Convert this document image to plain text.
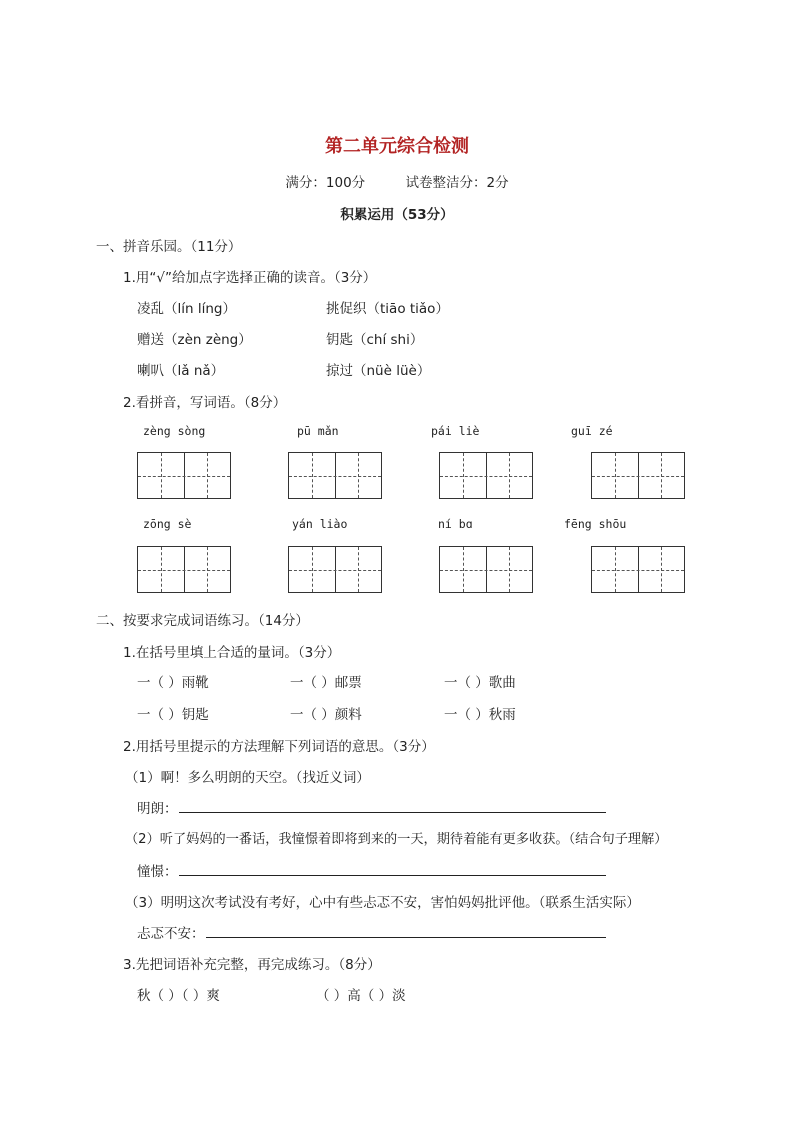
第二单元综合检测
满分：100分	试卷整洁分：2分
积累运用（53分）
一、拼音乐园。（11分）
1.用“√”给加点字选择正确的读音。（3分）
凌乱（lín líng）	挑促织（tiāo tiǎo）
赠送（zèn zèng）	钥匙（chí shi）
喇叭（lǎ nǎ）	掠过（nüè lüè）
2.看拼音，写词语。（8分）
zèng sòng	pū mǎn	pái liè	guī zé
zōng sè	yán liào	ní bɑ	fēng shōu
二、按要求完成词语练习。（14分）
1.在括号里填上合适的量词。（3分）
一（ ）雨靴	一（ ）邮票	一（ ）歌曲
一（ ）钥匙	一（ ）颜料	一（ ）秋雨
2.用括号里提示的方法理解下列词语的意思。（3分）
（1）啊！多么明朗的天空。（找近义词）
明朗：
（2）听了妈妈的一番话，我憧憬着即将到来的一天，期待着能有更多收获。（结合句子理解）
憧憬：
（3）明明这次考试没有考好，心中有些忐忑不安，害怕妈妈批评他。（联系生活实际）
忐忑不安：
3.先把词语补充完整，再完成练习。（8分）
秋（ ）（ ）爽	（ ）高（ ）淡
